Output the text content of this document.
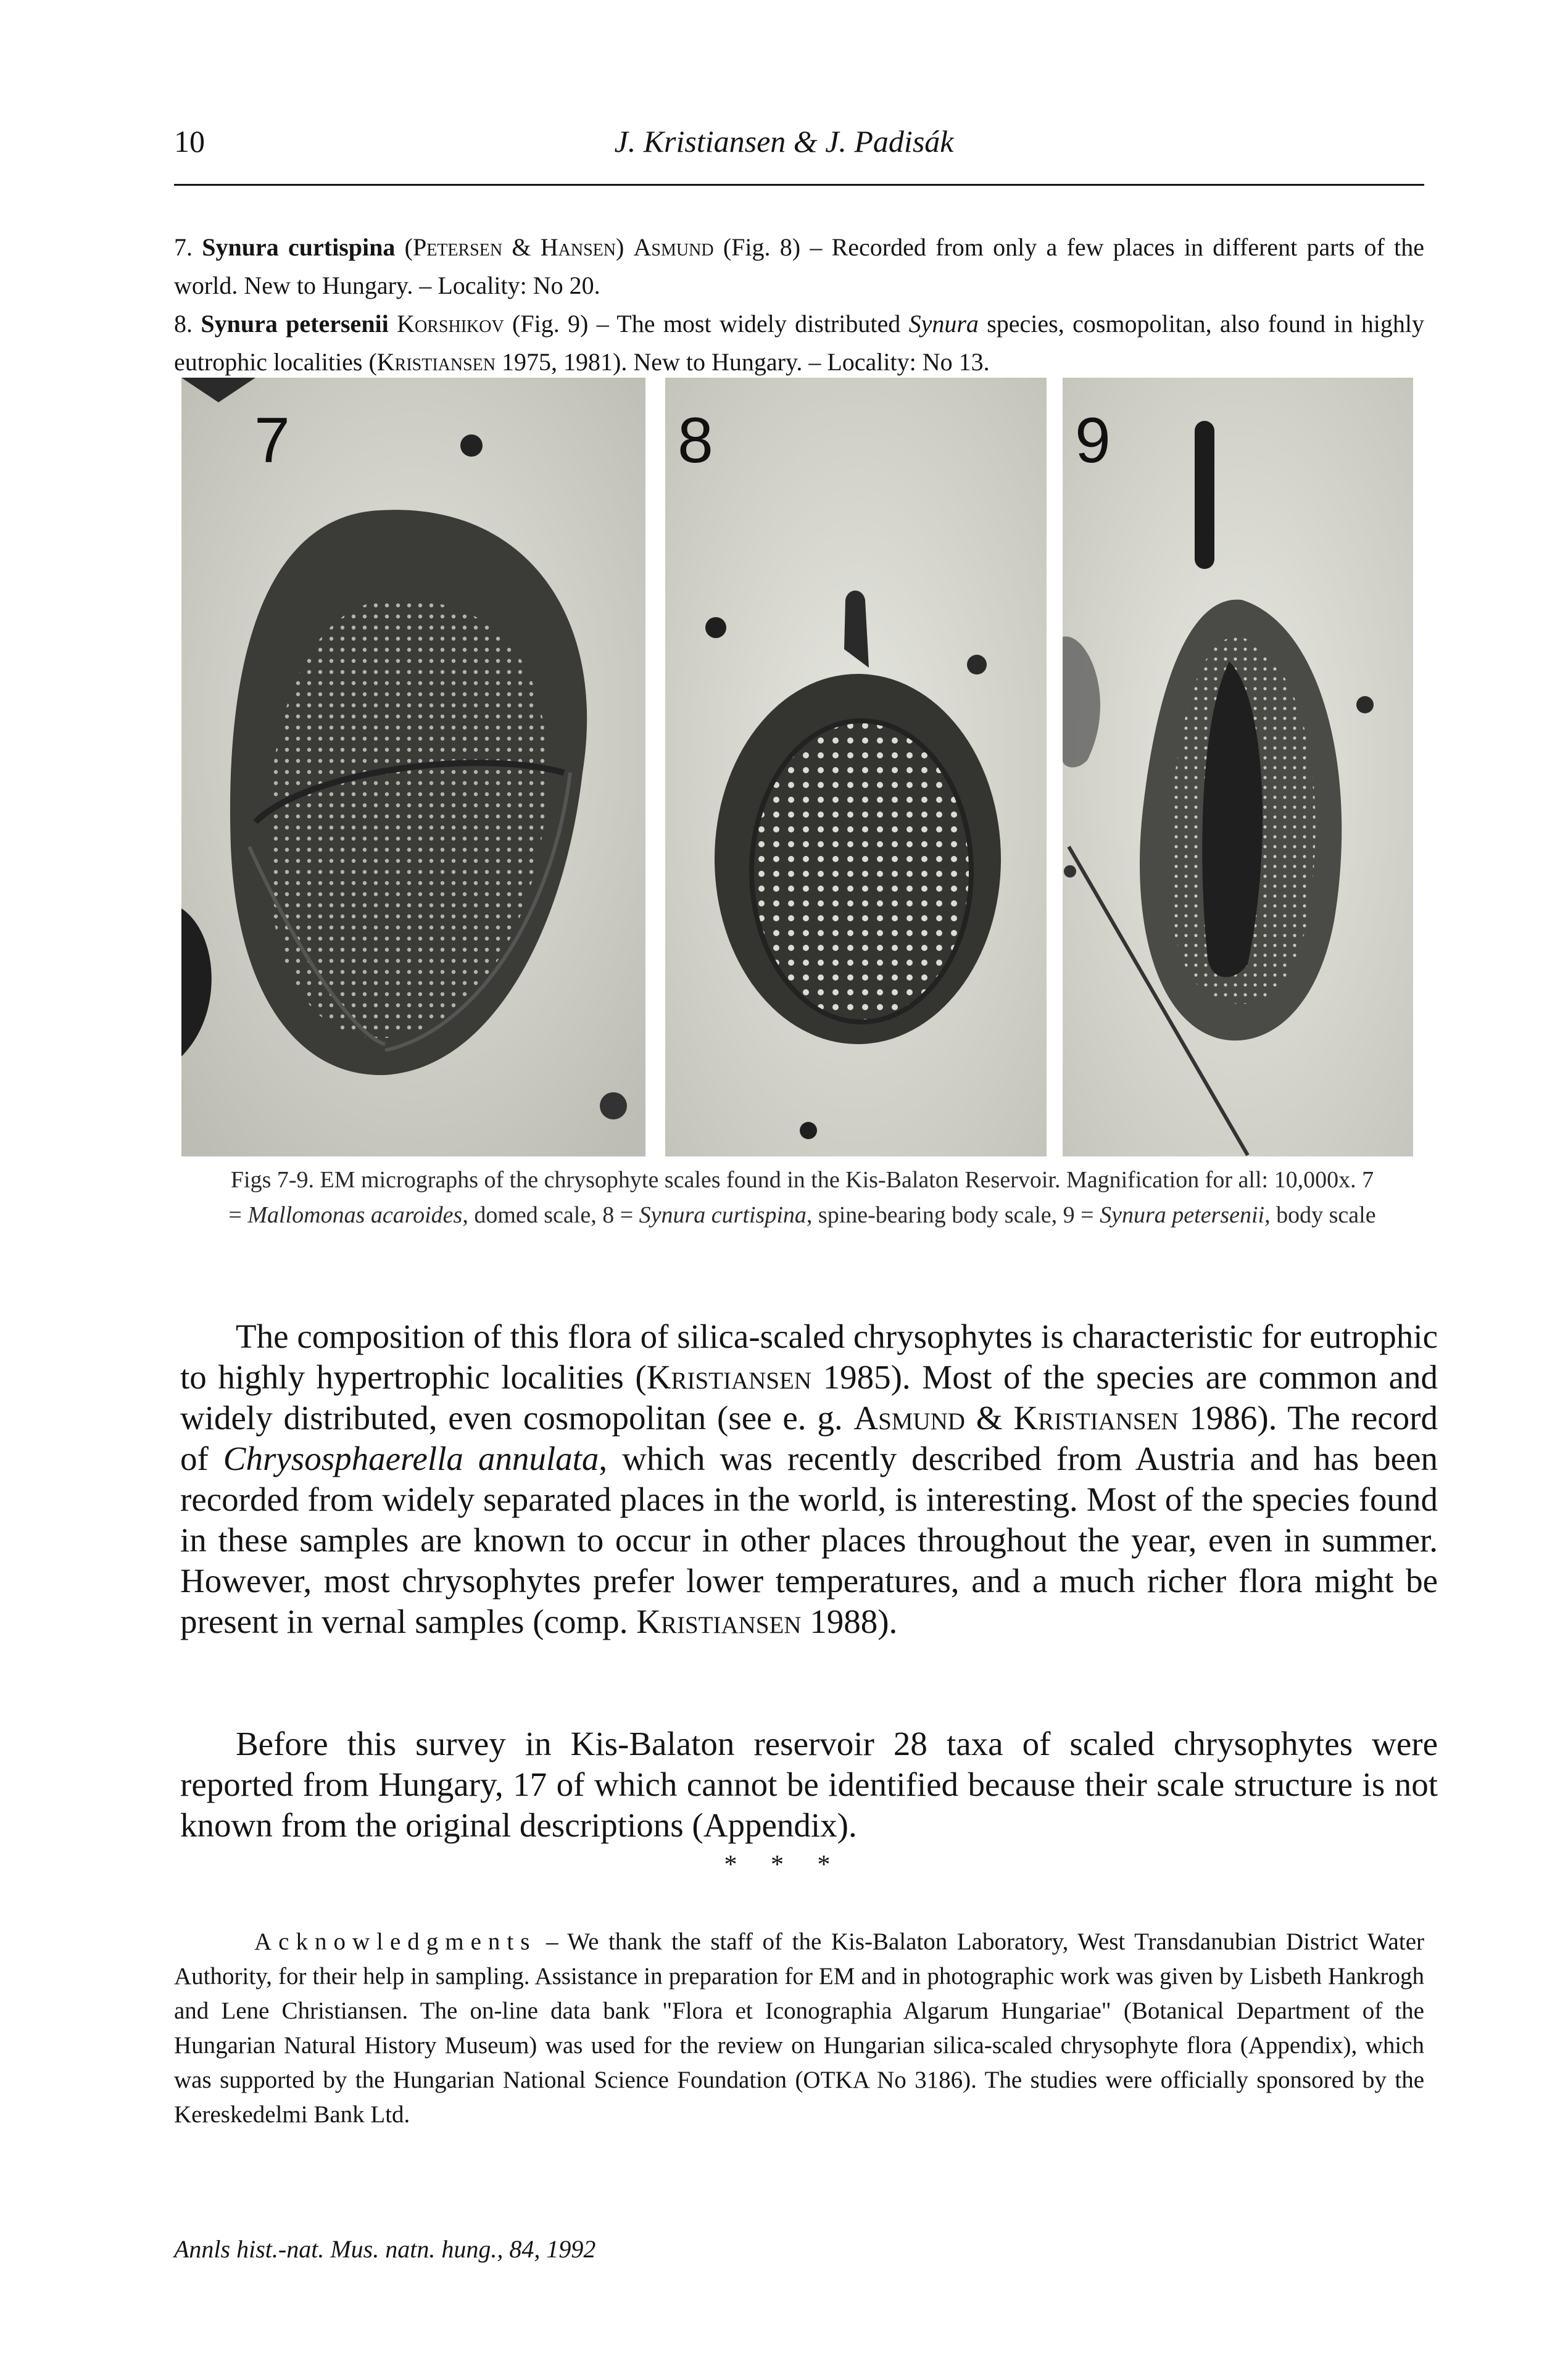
10	J. Kristiansen & J. Padisák
7. Synura curtispina (Petersen & Hansen) Asmund (Fig. 8) – Recorded from only a few places in different parts of the world. New to Hungary. – Locality: No 20.
8. Synura petersenii Korshikov (Fig. 9) – The most widely distributed Synura species, cosmopolitan, also found in highly eutrophic localities (Kristiansen 1975, 1981). New to Hungary. – Locality: No 13.
7	8	9
Figs 7-9. EM micrographs of the chrysophyte scales found in the Kis-Balaton Reservoir. Magnification for all: 10,000x. 7 = Mallomonas acaroides, domed scale, 8 = Synura curtispina, spine-bearing body scale, 9 = Synura petersenii, body scale
The composition of this flora of silica-scaled chrysophytes is characteristic for eutrophic to highly hypertrophic localities (Kristiansen 1985). Most of the species are common and widely distributed, even cosmopolitan (see e. g. Asmund & Kristiansen 1986). The record of Chrysosphaerella annulata, which was recently described from Austria and has been recorded from widely separated places in the world, is interesting. Most of the species found in these samples are known to occur in other places throughout the year, even in summer. However, most chrysophytes prefer lower temperatures, and a much richer flora might be present in vernal samples (comp. Kristiansen 1988).
Before this survey in Kis-Balaton reservoir 28 taxa of scaled chrysophytes were reported from Hungary, 17 of which cannot be identified because their scale structure is not known from the original descriptions (Appendix).
* * *
Acknowledgments – We thank the staff of the Kis-Balaton Laboratory, West Transdanubian District Water Authority, for their help in sampling. Assistance in preparation for EM and in photographic work was given by Lisbeth Hankrogh and Lene Christiansen. The on-line data bank "Flora et Iconographia Algarum Hungariae" (Botanical Department of the Hungarian Natural History Museum) was used for the review on Hungarian silica-scaled chrysophyte flora (Appendix), which was supported by the Hungarian National Science Foundation (OTKA No 3186). The studies were officially sponsored by the Kereskedelmi Bank Ltd.
Annls hist.-nat. Mus. natn. hung., 84, 1992
